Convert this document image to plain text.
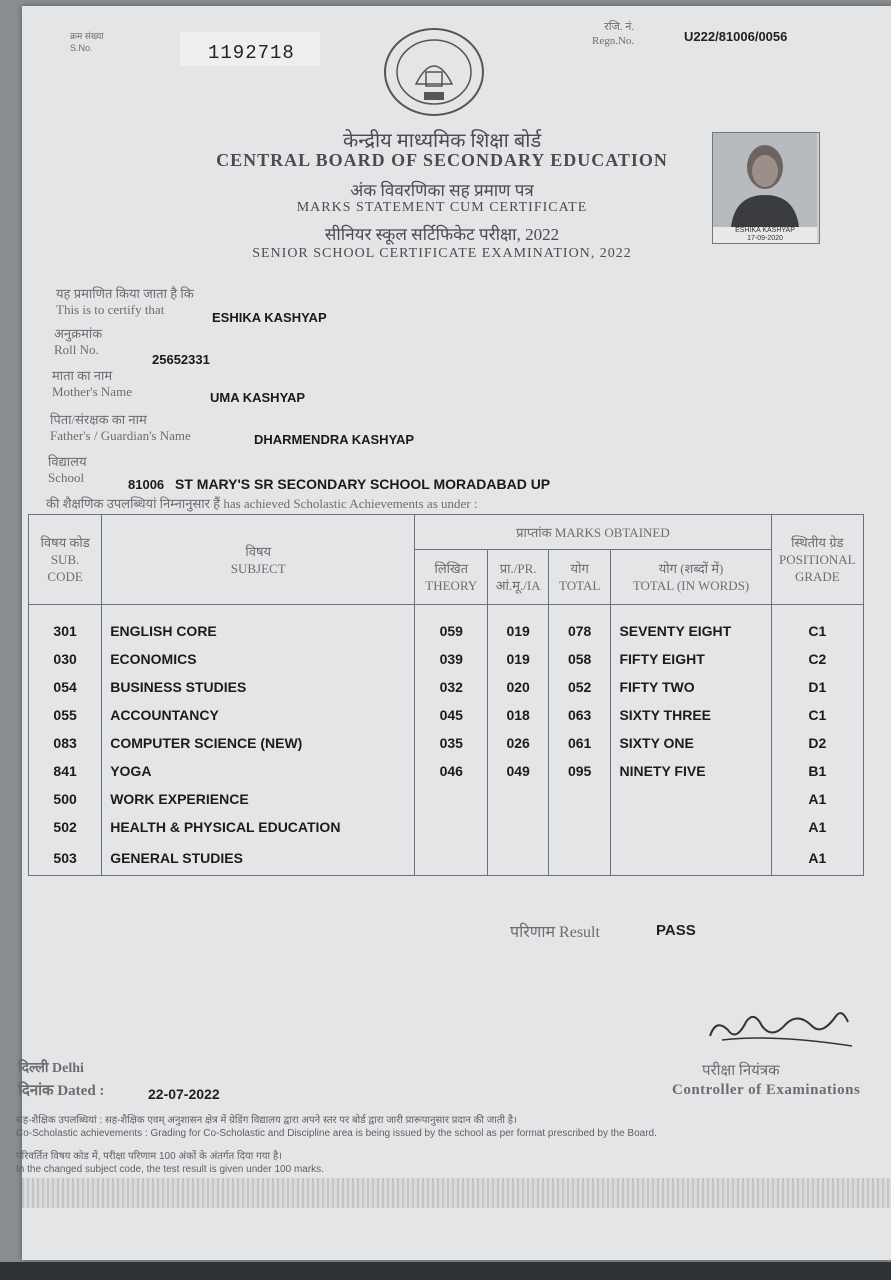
क्रम संख्या
S.No.	1192718
रजि. नं.
Regn.No.	U222/81006/0056
केन्द्रीय माध्यमिक शिक्षा बोर्ड
CENTRAL BOARD OF SECONDARY EDUCATION
अंक विवरणिका सह प्रमाण पत्र
MARKS STATEMENT CUM CERTIFICATE
सीनियर स्कूल सर्टिफिकेट परीक्षा, 2022
SENIOR SCHOOL CERTIFICATE EXAMINATION, 2022
ESHIKA KASHYAP
17-09-2020
यह प्रमाणित किया जाता है कि
This is to certify that
ESHIKA KASHYAP
अनुक्रमांक
Roll No.
25652331
माता का नाम
Mother's Name	UMA KASHYAP
पिता/संरक्षक का नाम
Father's / Guardian's Name	DHARMENDRA KASHYAP
विद्यालय
School	81006 ST MARY'S SR SECONDARY SCHOOL MORADABAD UP
की शैक्षणिक उपलब्धियां निम्नानुसार हैं has achieved Scholastic Achievements as under :
विषय कोड
SUB.
CODE	विषय
SUBJECT	प्राप्तांक MARKS OBTAINED				स्थितीय ग्रेड
POSITIONAL
GRADE
		लिखित
THEORY	प्रा./PR.
आं.मू./IA	योग
TOTAL	योग (शब्दों में)
TOTAL (IN WORDS)	
301	ENGLISH CORE	059	019	078	SEVENTY EIGHT	C1
030	ECONOMICS	039	019	058	FIFTY EIGHT	C2
054	BUSINESS STUDIES	032	020	052	FIFTY TWO	D1
055	ACCOUNTANCY	045	018	063	SIXTY THREE	C1
083	COMPUTER SCIENCE (NEW)	035	026	061	SIXTY ONE	D2
841	YOGA	046	049	095	NINETY FIVE	B1
500	WORK EXPERIENCE					A1
502	HEALTH & PHYSICAL EDUCATION					A1
503	GENERAL STUDIES					A1
परिणाम Result	PASS
परीक्षा नियंत्रक
Controller of Examinations
दिल्ली Delhi
दिनांक Dated :	22-07-2022
सह-शैक्षिक उपलब्धियां : सह-शैक्षिक एवम् अनुशासन क्षेत्र में ग्रेडिंग विद्यालय द्वारा अपने स्तर पर बोर्ड द्वारा जारी प्रारूपानुसार प्रदान की जाती है।
Co-Scholastic achievements : Grading for Co-Scholastic and Discipline area is being issued by the school as per format prescribed by the Board.
परिवर्तित विषय कोड में, परीक्षा परिणाम 100 अंकों के अंतर्गत दिया गया है।
In the changed subject code, the test result is given under 100 marks.
